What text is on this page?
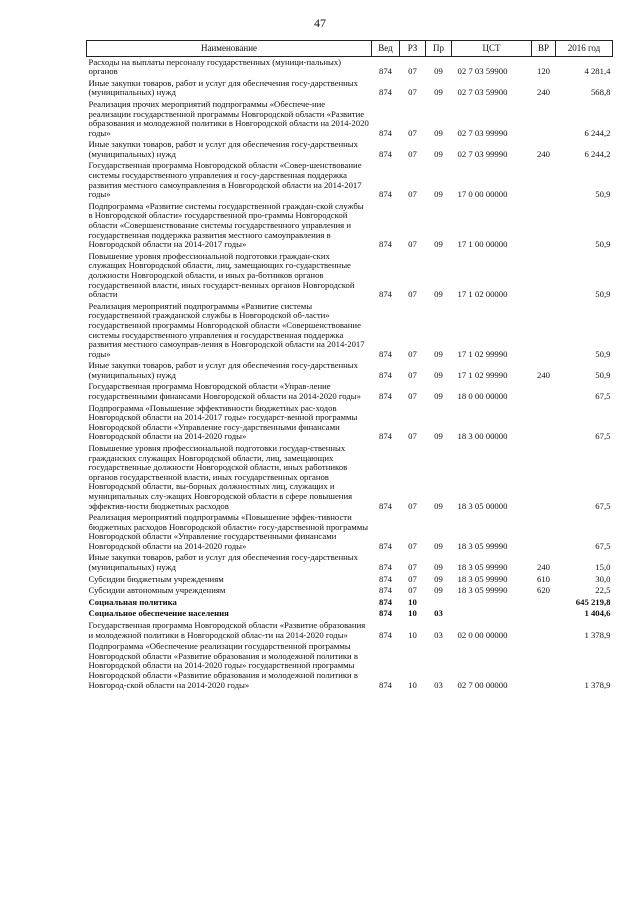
47
Наименование	Вед	РЗ	Пр	ЦСТ	ВР	2016 год
Расходы на выплаты персоналу государственных (муници-пальных) органов	874	07	09	02 7 03 59900	120	4 281,4
Иные закупки товаров, работ и услуг для обеспечения госу-дарственных (муниципальных) нужд	874	07	09	02 7 03 59900	240	568,8
Реализация прочих мероприятий подпрограммы «Обеспече-ние реализации государственной программы Новгородской области «Развитие образования и молодежной политики в Новгородской области на 2014-2020 годы»	874	07	09	02 7 03 99990		6 244,2
Иные закупки товаров, работ и услуг для обеспечения госу-дарственных (муниципальных) нужд	874	07	09	02 7 03 99990	240	6 244,2
Государственная программа Новгородской области «Совер-шенствование системы государственного управления и госу-дарственная поддержка развития местного самоуправления в Новгородской области на 2014-2017 годы»	874	07	09	17 0 00 00000		50,9
Подпрограмма «Развитие системы государственной граждан-ской службы в Новгородской области» государственной про-граммы Новгородской области «Совершенствование системы государственного управления и государственная поддержка развития местного самоуправления в Новгородской области на 2014-2017 годы»	874	07	09	17 1 00 00000		50,9
Повышение уровня профессиональной подготовки граждан-ских служащих Новгородской области, лиц, замещающих го-сударственные должности Новгородской области, и иных ра-ботников органов государственной власти, иных государст-венных органов Новгородской области	874	07	09	17 1 02 00000		50,9
Реализация мероприятий подпрограммы «Развитие системы государственной гражданской службы в Новгородской об-ласти» государственной программы Новгородской области «Совершенствование системы государственного управления и государственная поддержка развития местного самоуправ-ления в Новгородской области на 2014-2017 годы»	874	07	09	17 1 02 99990		50,9
Иные закупки товаров, работ и услуг для обеспечения госу-дарственных (муниципальных) нужд	874	07	09	17 1 02 99990	240	50,9
Государственная программа Новгородской области «Управ-ление государственными финансами Новгородской области на 2014-2020 годы»	874	07	09	18 0 00 00000		67,5
Подпрограмма «Повышение эффективности бюджетных рас-ходов Новгородской области на 2014-2017 годы» государст-венной программы Новгородской области «Управление госу-дарственными финансами Новгородской области на 2014-2020 годы»	874	07	09	18 3 00 00000		67,5
Повышение уровня профессиональной подготовки государ-ственных гражданских служащих Новгородской области, лиц, замещающих государственные должности Новгородской области, иных работников органов государственной власти, иных государственных органов Новгородской области, вы-борных должностных лиц, служащих и муниципальных слу-жащих Новгородской области в сфере повышения эффектив-ности бюджетных расходов	874	07	09	18 3 05 00000		67,5
Реализация мероприятий подпрограммы «Повышение эффек-тивности бюджетных расходов Новгородской области» госу-дарственной программы Новгородской области «Управление государственными финансами Новгородской области на 2014-2020 годы»	874	07	09	18 3 05 99990		67,5
Иные закупки товаров, работ и услуг для обеспечения госу-дарственных (муниципальных) нужд	874	07	09	18 3 05 99990	240	15,0
Субсидии бюджетным учреждениям	874	07	09	18 3 05 99990	610	30,0
Субсидии автономным учреждениям	874	07	09	18 3 05 99990	620	22,5
Социальная политика	874	10				645 219,8
Социальное обеспечение населения	874	10	03			1 404,6
Государственная программа Новгородской области «Развитие образования и молодежной политики в Новгородской облас-ти на 2014-2020 годы»	874	10	03	02 0 00 00000		1 378,9
Подпрограмма «Обеспечение реализации государственной программы Новгородской области «Развитие образования и молодежной политики в Новгородской области на 2014-2020 годы» государственной программы Новгородской области «Развитие образования и молодежной политики в Новгород-ской области на 2014-2020 годы»	874	10	03	02 7 00 00000		1 378,9
